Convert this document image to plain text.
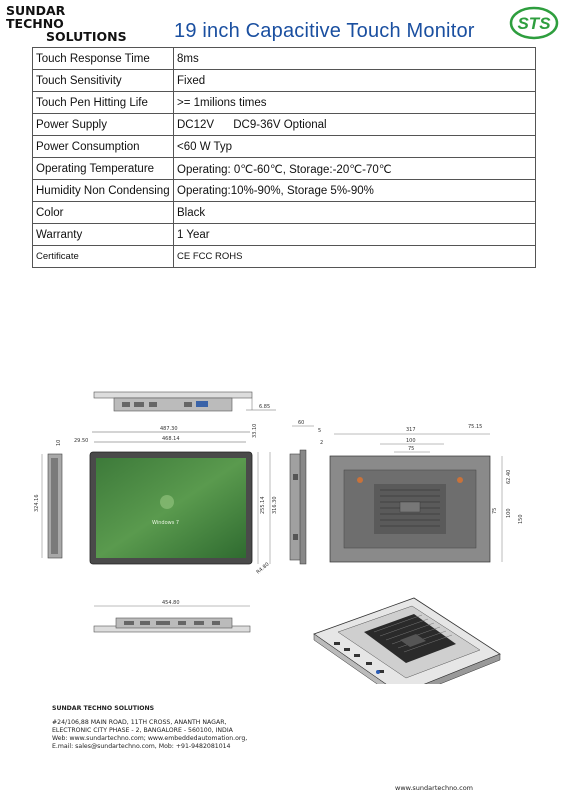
SUNDAR
TECHNO
SOLUTIONS 19 inch Capacitive Touch Monitor	STS
Touch Response Time	8ms
Touch Sensitivity	Fixed
Touch Pen Hitting Life	>= 1milions times
Power Supply	DC12V      DC9-36V Optional
Power Consumption	<60 W Typ
Operating Temperature	Operating: 0℃-60℃, Storage:-20℃-70℃
Humidity Non Condensing	Operating:10%-90%, Storage 5%-90%
Color	Black
Warranty	1 Year
Certificate	CE FCC ROHS
6.85
487.30
468.14
33.10
29.50
10
324.16
Windows 7
255.14 316.30
R4.80
60
5
2
317
100
75
75.15
62.40
75 100
150
454.80
SUNDAR TECHNO SOLUTIONS
#24/106,88 MAIN ROAD, 11TH CROSS, ANANTH NAGAR,
ELECTRONIC CITY PHASE - 2, BANGALORE - 560100, INDIA
Web: www.sundartechno.com; www.embeddedautomation.org,
E.mail: sales@sundartechno.com, Mob: +91-9482081014
www.sundartechno.com
